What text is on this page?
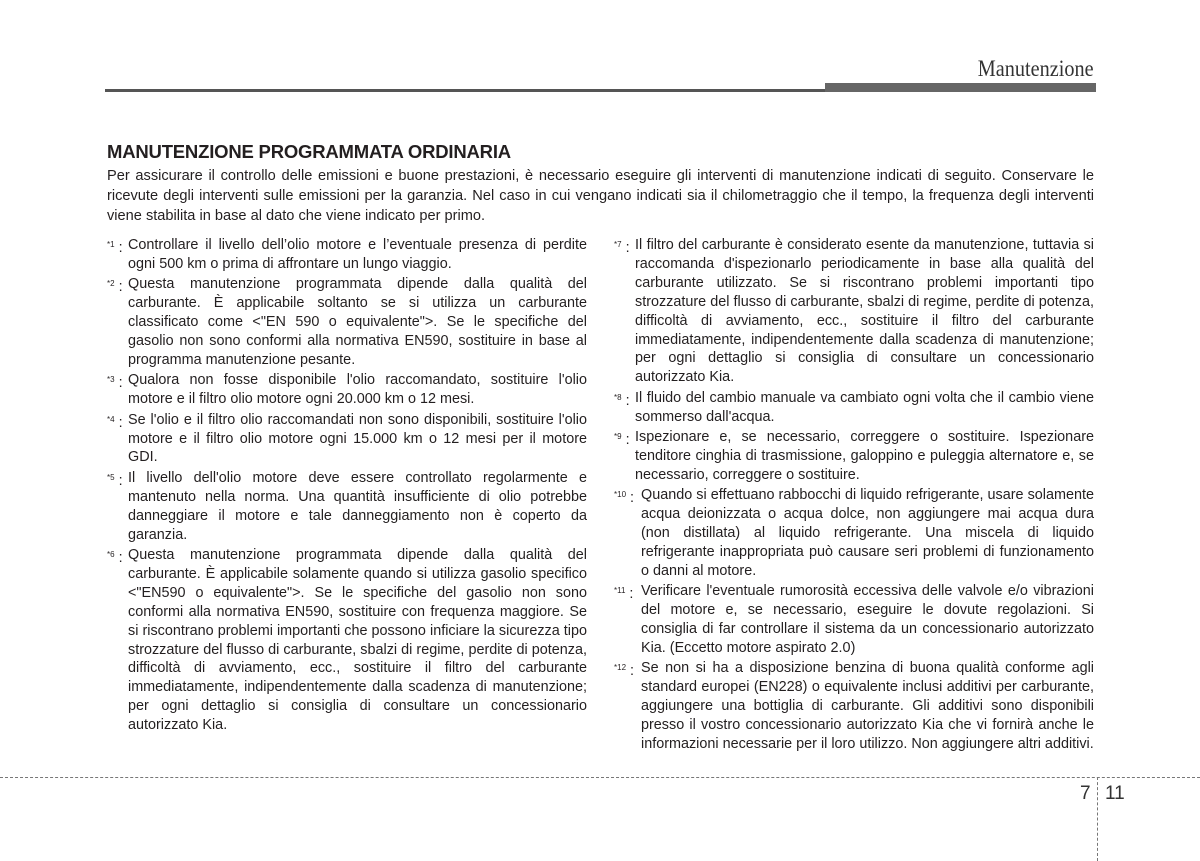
Manutenzione
MANUTENZIONE PROGRAMMATA ORDINARIA

Per assicurare il controllo delle emissioni e buone prestazioni, è necessario eseguire gli interventi di manutenzione indicati di seguito. Conservare le ricevute degli interventi sulle emissioni per la garanzia. Nel caso in cui vengano indicati sia il chilometraggio che il tempo, la frequenza degli interventi viene stabilita in base al dato che viene indicato per primo.

$^{*1}$ : Controllare il livello dell’olio motore e l’eventuale presenza di perdite ogni 500 km o prima di affrontare un lungo viaggio.
$^{*2}$ : Questa manutenzione programmata dipende dalla qualità del carburante. È applicabile soltanto se si utilizza un carburante classificato come <"EN 590 o equivalente">. Se le specifiche del gasolio non sono conformi alla normativa EN590, sostituire in base al programma manutenzione pesante.
$^{*3}$ : Qualora non fosse disponibile l'olio raccomandato, sostituire l'olio motore e il filtro olio motore ogni 20.000 km o 12 mesi.
$^{*4}$ : Se l'olio e il filtro olio raccomandati non sono disponibili, sostituire l'olio motore e il filtro olio motore ogni 15.000 km o 12 mesi per il motore GDI.
$^{*5}$ : Il livello dell'olio motore deve essere controllato regolarmente e mantenuto nella norma. Una quantità insufficiente di olio potrebbe danneggiare il motore e tale danneggiamento non è coperto da garanzia.
$^{*6}$ : Questa manutenzione programmata dipende dalla qualità del carburante. È applicabile solamente quando si utilizza gasolio specifico <"EN590 o equivalente">. Se le specifiche del gasolio non sono conformi alla normativa EN590, sostituire con frequenza maggiore. Se si riscontrano problemi importanti che possono inficiare la sicurezza tipo strozzature del flusso di carburante, sbalzi di regime, perdite di potenza, difficoltà di avviamento, ecc., sostituire il filtro del carburante immediatamente, indipendentemente dalla scadenza di manutenzione; per ogni dettaglio si consiglia di consultare un concessionario autorizzato Kia.
$^{*7}$ : Il filtro del carburante è considerato esente da manutenzione, tuttavia si raccomanda d'ispezionarlo periodicamente in base alla qualità del carburante utilizzato. Se si riscontrano problemi importanti tipo strozzature del flusso di carburante, sbalzi di regime, perdite di potenza, difficoltà di avviamento, ecc., sostituire il filtro del carburante immediatamente, indipendentemente dalla scadenza di manutenzione; per ogni dettaglio si consiglia di consultare un concessionario autorizzato Kia.
$^{*8}$ : Il fluido del cambio manuale va cambiato ogni volta che il cambio viene sommerso dall'acqua.
$^{*9}$ : Ispezionare e, se necessario, correggere o sostituire. Ispezionare tenditore cinghia di trasmissione, galoppino e puleggia alternatore e, se necessario, correggere o sostituire.
$^{*10}$ : Quando si effettuano rabbocchi di liquido refrigerante, usare solamente acqua deionizzata o acqua dolce, non aggiungere mai acqua dura (non distillata) al liquido refrigerante. Una miscela di liquido refrigerante inappropriata può causare seri problemi di funzionamento o danni al motore.
$^{*11}$ : Verificare l'eventuale rumorosità eccessiva delle valvole e/o vibrazioni del motore e, se necessario, eseguire le dovute regolazioni. Si consiglia di far controllare il sistema da un concessionario autorizzato Kia. (Eccetto motore aspirato 2.0)
$^{*12}$ : Se non si ha a disposizione benzina di buona qualità conforme agli standard europei (EN228) o equivalente inclusi additivi per carburante, aggiungere una bottiglia di carburante. Gli additivi sono disponibili presso il vostro concessionario autorizzato Kia che vi fornirà anche le informazioni necessarie per il loro utilizzo. Non aggiungere altri additivi.
7 11
